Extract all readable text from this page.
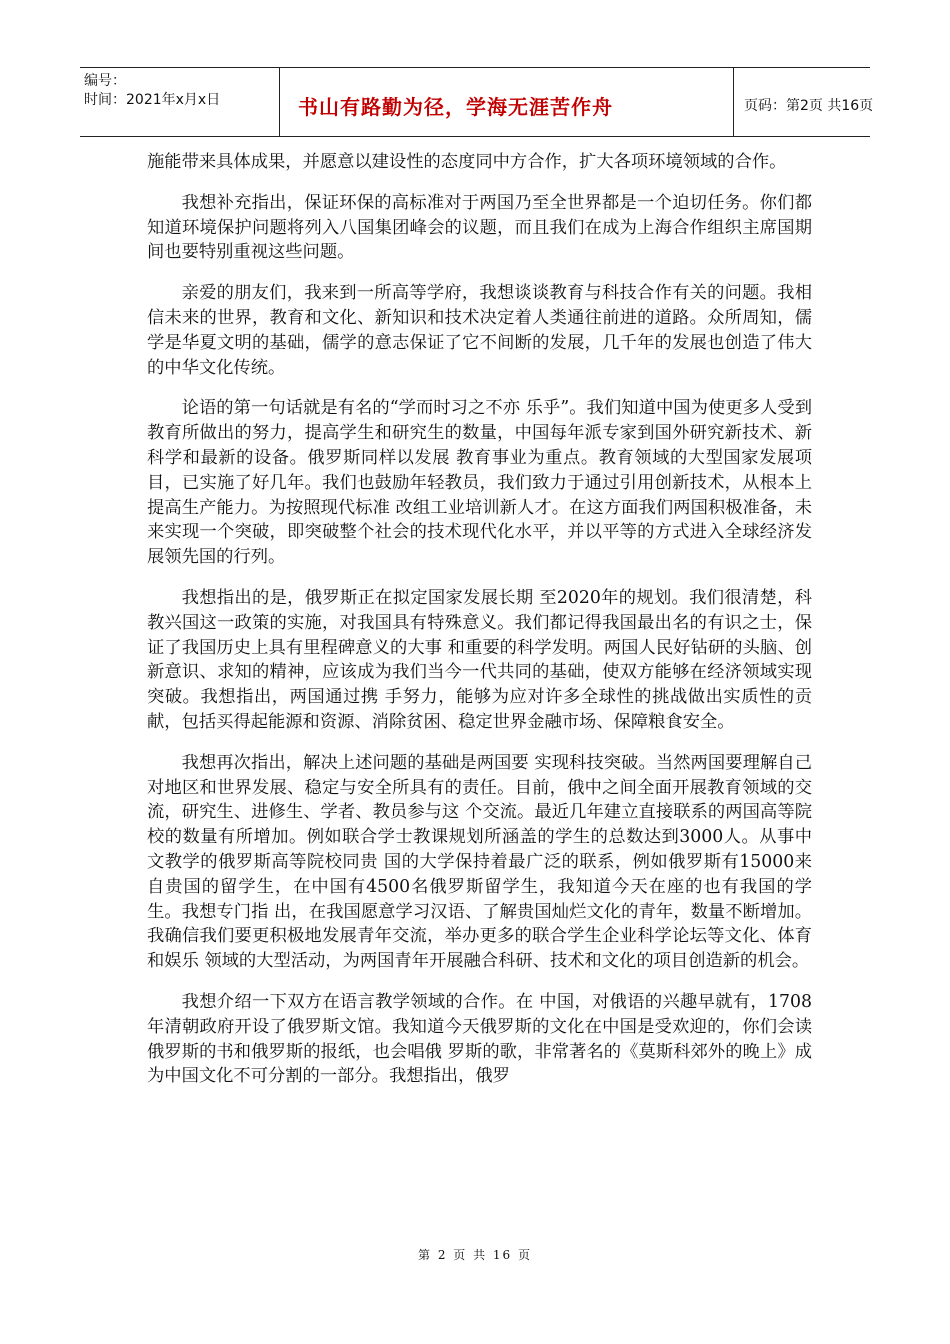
编号：
时间：2021年x月x日	书山有路勤为径，学海无涯苦作舟	页码：第2页 共16页

施能带来具体成果，并愿意以建设性的态度同中方合作，扩大各项环境领域的合作。

我想补充指出，保证环保的高标准对于两国乃至全世界都是一个迫切任务。你们都知道环境保护问题将列入八国集团峰会的议题，而且我们在成为上海合作组织主席国期间也要特别重视这些问题。

亲爱的朋友们，我来到一所高等学府，我想谈谈教育与科技合作有关的问题。我相信未来的世界，教育和文化、新知识和技术决定着人类通往前进的道路。众所周知，儒学是华夏文明的基础，儒学的意志保证了它不间断的发展，几千年的发展也创造了伟大的中华文化传统。

论语的第一句话就是有名的“学而时习之不亦 乐乎”。我们知道中国为使更多人受到教育所做出的努力，提高学生和研究生的数量，中国每年派专家到国外研究新技术、新科学和最新的设备。俄罗斯同样以发展 教育事业为重点。教育领域的大型国家发展项目，已实施了好几年。我们也鼓励年轻教员，我们致力于通过引用创新技术，从根本上提高生产能力。为按照现代标准 改组工业培训新人才。在这方面我们两国积极准备，未来实现一个突破，即突破整个社会的技术现代化水平，并以平等的方式进入全球经济发展领先国的行列。

我想指出的是，俄罗斯正在拟定国家发展长期 至2020年的规划。我们很清楚，科教兴国这一政策的实施，对我国具有特殊意义。我们都记得我国最出名的有识之士，保证了我国历史上具有里程碑意义的大事 和重要的科学发明。两国人民好钻研的头脑、创新意识、求知的精神，应该成为我们当今一代共同的基础，使双方能够在经济领域实现突破。我想指出，两国通过携 手努力，能够为应对许多全球性的挑战做出实质性的贡献，包括买得起能源和资源、消除贫困、稳定世界金融市场、保障粮食安全。

我想再次指出，解决上述问题的基础是两国要 实现科技突破。当然两国要理解自己对地区和世界发展、稳定与安全所具有的责任。目前，俄中之间全面开展教育领域的交流，研究生、进修生、学者、教员参与这 个交流。最近几年建立直接联系的两国高等院校的数量有所增加。例如联合学士教课规划所涵盖的学生的总数达到3000人。从事中文教学的俄罗斯高等院校同贵 国的大学保持着最广泛的联系，例如俄罗斯有15000来自贵国的留学生，在中国有4500名俄罗斯留学生，我知道今天在座的也有我国的学生。我想专门指 出，在我国愿意学习汉语、了解贵国灿烂文化的青年，数量不断增加。我确信我们要更积极地发展青年交流，举办更多的联合学生企业科学论坛等文化、体育和娱乐 领域的大型活动，为两国青年开展融合科研、技术和文化的项目创造新的机会。

我想介绍一下双方在语言教学领域的合作。在 中国，对俄语的兴趣早就有，1708年清朝政府开设了俄罗斯文馆。我知道今天俄罗斯的文化在中国是受欢迎的，你们会读俄罗斯的书和俄罗斯的报纸，也会唱俄 罗斯的歌，非常著名的《莫斯科郊外的晚上》成为中国文化不可分割的一部分。我想指出，俄罗

第 2 页 共 16 页
